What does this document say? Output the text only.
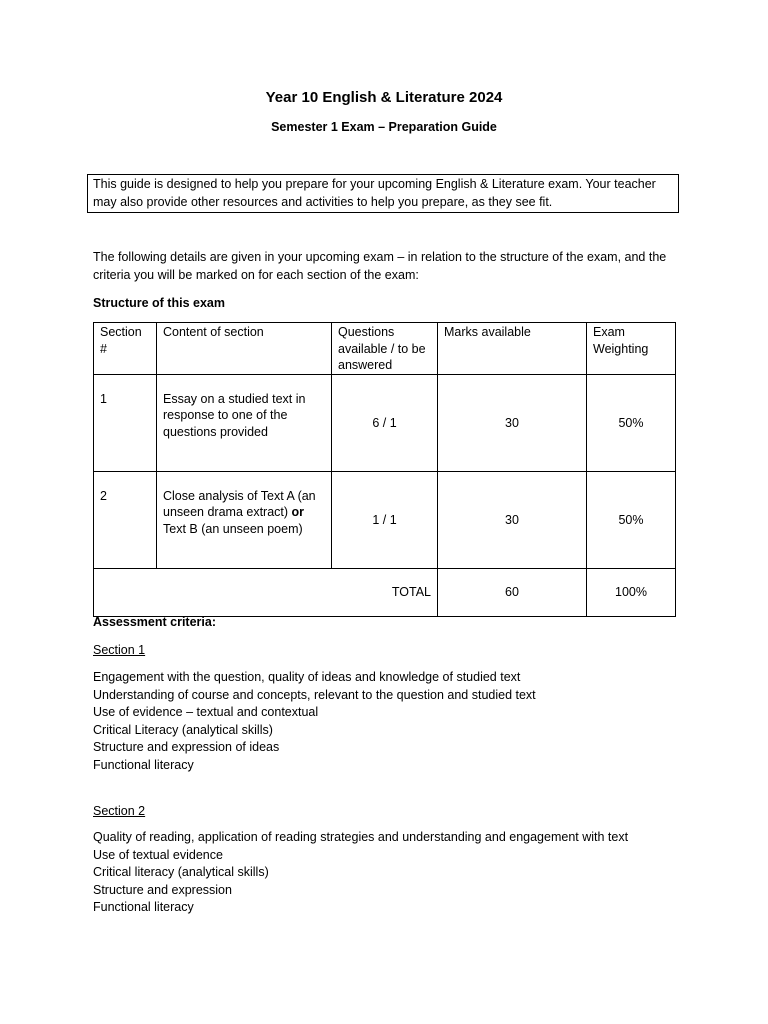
Year 10 English & Literature 2024
Semester 1 Exam – Preparation Guide
This guide is designed to help you prepare for your upcoming English & Literature exam. Your teacher may also provide other resources and activities to help you prepare, as they see fit.
The following details are given in your upcoming exam – in relation to the structure of the exam, and the criteria you will be marked on for each section of the exam:
Structure of this exam
Section #	Content of section	Questions available / to be answered	Marks available	Exam Weighting
1	Essay on a studied text in response to one of the questions provided	6 / 1	30	50%
2	Close analysis of Text A (an unseen drama extract) or Text B (an unseen poem)	1 / 1	30	50%
TOTAL			60	100%
Assessment criteria:
Section 1
Engagement with the question, quality of ideas and knowledge of studied text
Understanding of course and concepts, relevant to the question and studied text
Use of evidence – textual and contextual
Critical Literacy (analytical skills)
Structure and expression of ideas
Functional literacy
Section 2
Quality of reading, application of reading strategies and understanding and engagement with text
Use of textual evidence
Critical literacy (analytical skills)
Structure and expression
Functional literacy
